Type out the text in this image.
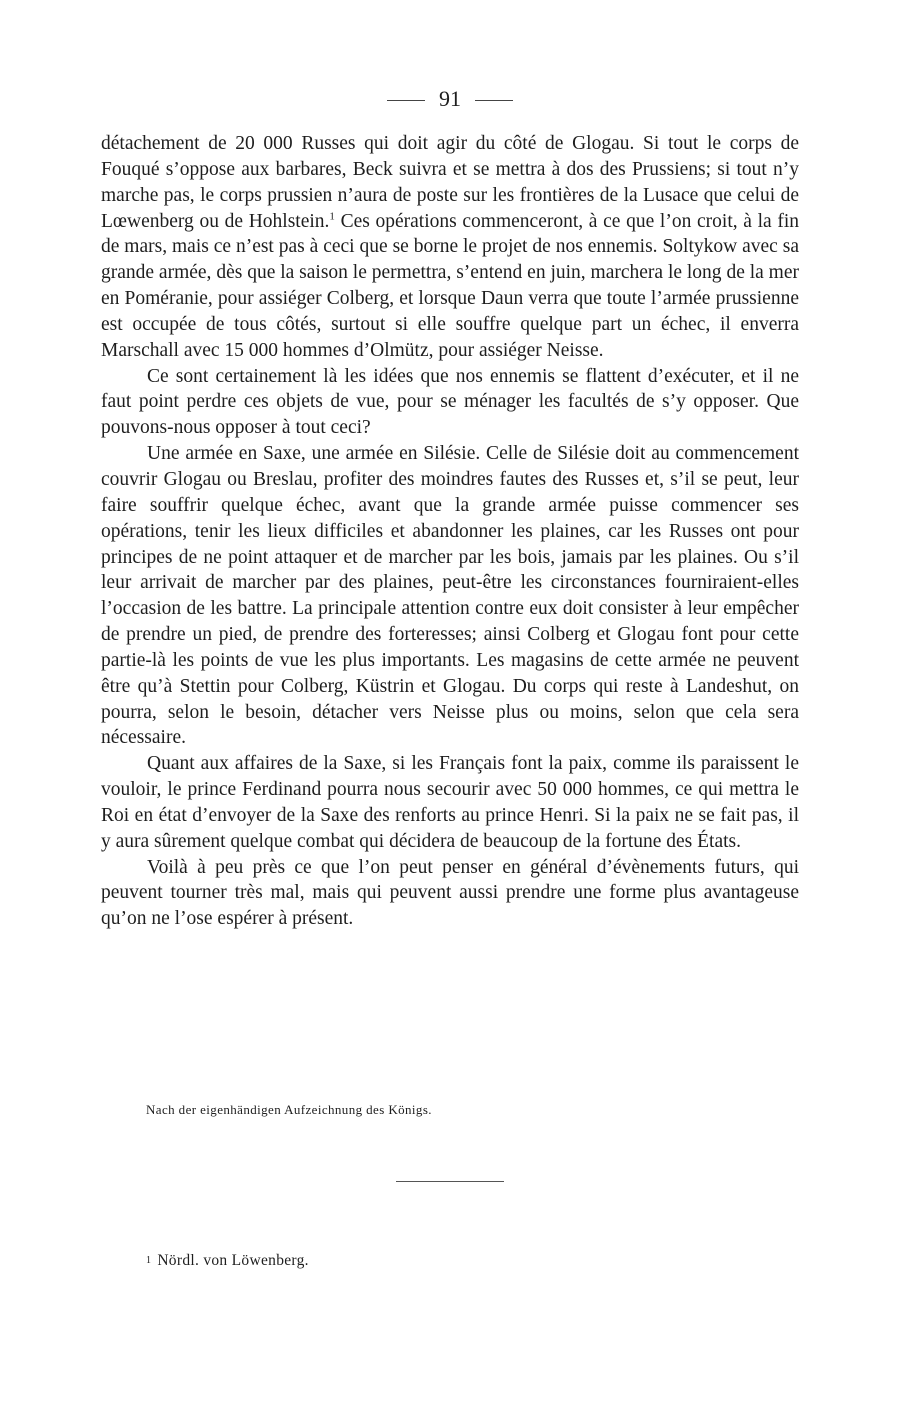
91

détachement de 20 000 Russes qui doit agir du côté de Glogau. Si tout le corps de Fouqué s’oppose aux barbares, Beck suivra et se mettra à dos des Prussiens; si tout n’y marche pas, le corps prussien n’aura de poste sur les frontières de la Lusace que celui de Lœwenberg ou de Hohlstein.$^1$ Ces opérations commenceront, à ce que l’on croit, à la fin de mars, mais ce n’est pas à ceci que se borne le projet de nos ennemis. Soltykow avec sa grande armée, dès que la saison le permettra, s’entend en juin, marchera le long de la mer en Poméranie, pour assiéger Colberg, et lorsque Daun verra que toute l’armée prussienne est occupée de tous côtés, surtout si elle souffre quelque part un échec, il enverra Marschall avec 15 000 hommes d’Olmütz, pour assiéger Neisse.

Ce sont certainement là les idées que nos ennemis se flattent d’exécuter, et il ne faut point perdre ces objets de vue, pour se ménager les facultés de s’y opposer. Que pouvons-nous opposer à tout ceci?

Une armée en Saxe, une armée en Silésie. Celle de Silésie doit au commencement couvrir Glogau ou Breslau, profiter des moindres fautes des Russes et, s’il se peut, leur faire souffrir quelque échec, avant que la grande armée puisse commencer ses opérations, tenir les lieux difficiles et abandonner les plaines, car les Russes ont pour principes de ne point attaquer et de marcher par les bois, jamais par les plaines. Ou s’il leur arrivait de marcher par des plaines, peut-être les circonstances fourniraient-elles l’occasion de les battre. La principale attention contre eux doit consister à leur empêcher de prendre un pied, de prendre des forteresses; ainsi Colberg et Glogau font pour cette partie-là les points de vue les plus importants. Les magasins de cette armée ne peuvent être qu’à Stettin pour Colberg, Küstrin et Glogau. Du corps qui reste à Landeshut, on pourra, selon le besoin, détacher vers Neisse plus ou moins, selon que cela sera nécessaire.

Quant aux affaires de la Saxe, si les Français font la paix, comme ils paraissent le vouloir, le prince Ferdinand pourra nous secourir avec 50 000 hommes, ce qui mettra le Roi en état d’envoyer de la Saxe des renforts au prince Henri. Si la paix ne se fait pas, il y aura sûrement quelque combat qui décidera de beaucoup de la fortune des États.

Voilà à peu près ce que l’on peut penser en général d’évènements futurs, qui peuvent tourner très mal, mais qui peuvent aussi prendre une forme plus avantageuse qu’on ne l’ose espérer à présent.

Nach der eigenhändigen Aufzeichnung des Königs.
1 Nördl. von Löwenberg.
